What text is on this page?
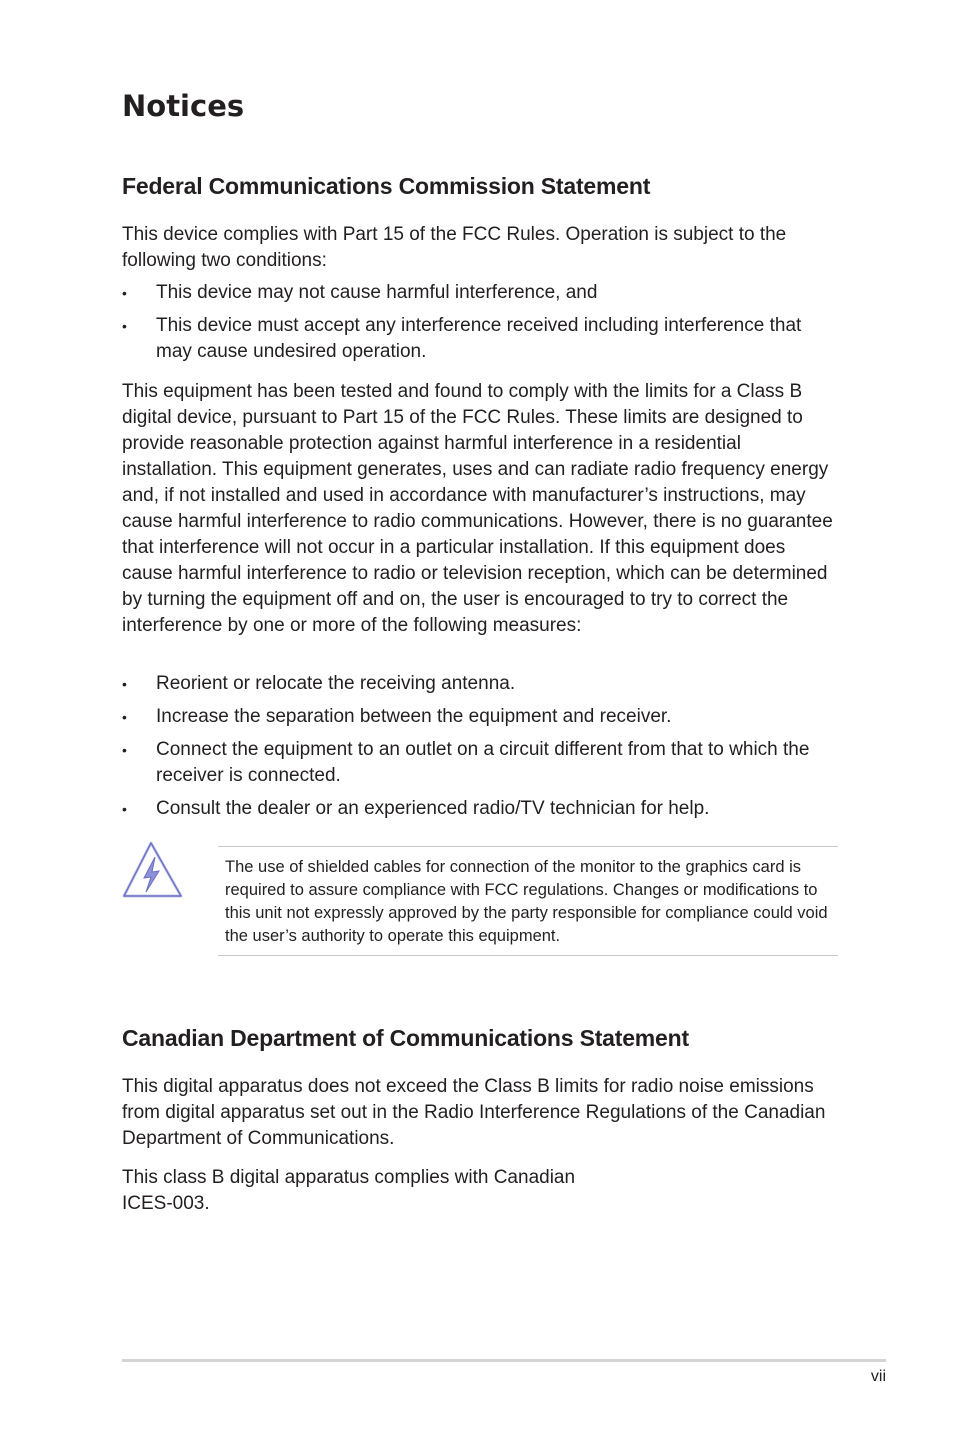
Notices
Federal Communications Commission Statement

This device complies with Part 15 of the FCC Rules. Operation is subject to the following two conditions:

• This device may not cause harmful interference, and
• This device must accept any interference received including interference that may cause undesired operation.

This equipment has been tested and found to comply with the limits for a Class B digital device, pursuant to Part 15 of the FCC Rules. These limits are designed to provide reasonable protection against harmful interference in a residential installation. This equipment generates, uses and can radiate radio frequency energy and, if not installed and used in accordance with manufacturer’s instructions, may cause harmful interference to radio communications. However, there is no guarantee that interference will not occur in a particular installation. If this equipment does cause harmful interference to radio or television reception, which can be determined by turning the equipment off and on, the user is encouraged to try to correct the interference by one or more of the following measures:

• Reorient or relocate the receiving antenna.
• Increase the separation between the equipment and receiver.
• Connect the equipment to an outlet on a circuit different from that to which the receiver is connected.
• Consult the dealer or an experienced radio/TV technician for help.

The use of shielded cables for connection of the monitor to the graphics card is required to assure compliance with FCC regulations. Changes or modifications to this unit not expressly approved by the party responsible for compliance could void the user’s authority to operate this equipment.

Canadian Department of Communications Statement

This digital apparatus does not exceed the Class B limits for radio noise emissions from digital apparatus set out in the Radio Interference Regulations of the Canadian Department of Communications.

This class B digital apparatus complies with Canadian
ICES-003.

vii
